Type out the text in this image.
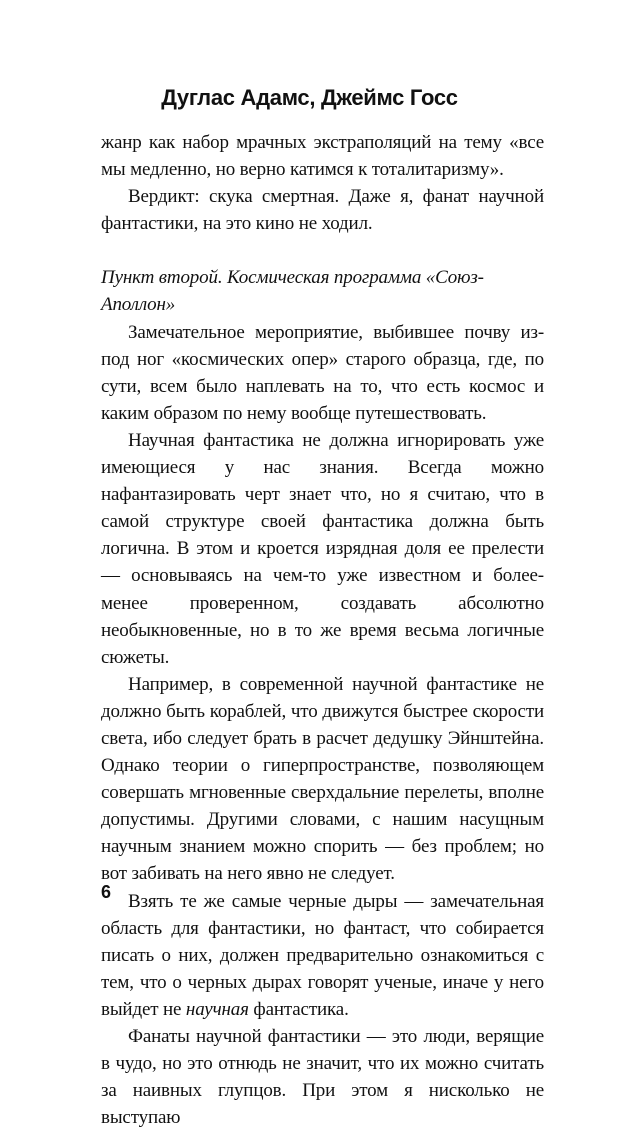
Дуглас Адамс, Джеймс Госс

жанр как набор мрачных экстраполяций на тему «все мы медленно, но верно катимся к тоталитаризму».

Вердикт: скука смертная. Даже я, фанат научной фантастики, на это кино не ходил.

Пункт второй. Космическая программа «Союз-Аполлон»

Замечательное мероприятие, выбившее почву из-под ног «космических опер» старого образца, где, по сути, всем было наплевать на то, что есть космос и каким образом по нему вообще путешествовать.

Научная фантастика не должна игнорировать уже имеющиеся у нас знания. Всегда можно нафантазировать черт знает что, но я считаю, что в самой структуре своей фантастика должна быть логична. В этом и кроется изрядная доля ее прелести — основываясь на чем-то уже известном и более-менее проверенном, создавать абсолютно необыкновенные, но в то же время весьма логичные сюжеты.

Например, в современной научной фантастике не должно быть кораблей, что движутся быстрее скорости света, ибо следует брать в расчет дедушку Эйнштейна. Однако теории о гиперпространстве, позволяющем совершать мгновенные сверхдальние перелеты, вполне допустимы. Другими словами, с нашим насущным научным знанием можно спорить — без проблем; но вот забивать на него явно не следует.

Взять те же самые черные дыры — замечательная область для фантастики, но фантаст, что собирается писать о них, должен предварительно ознакомиться с тем, что о черных дырах говорят ученые, иначе у него выйдет не научная фантастика.

Фанаты научной фантастики — это люди, верящие в чудо, но это отнюдь не значит, что их можно считать за наивных глупцов. При этом я нисколько не выступаю

6
